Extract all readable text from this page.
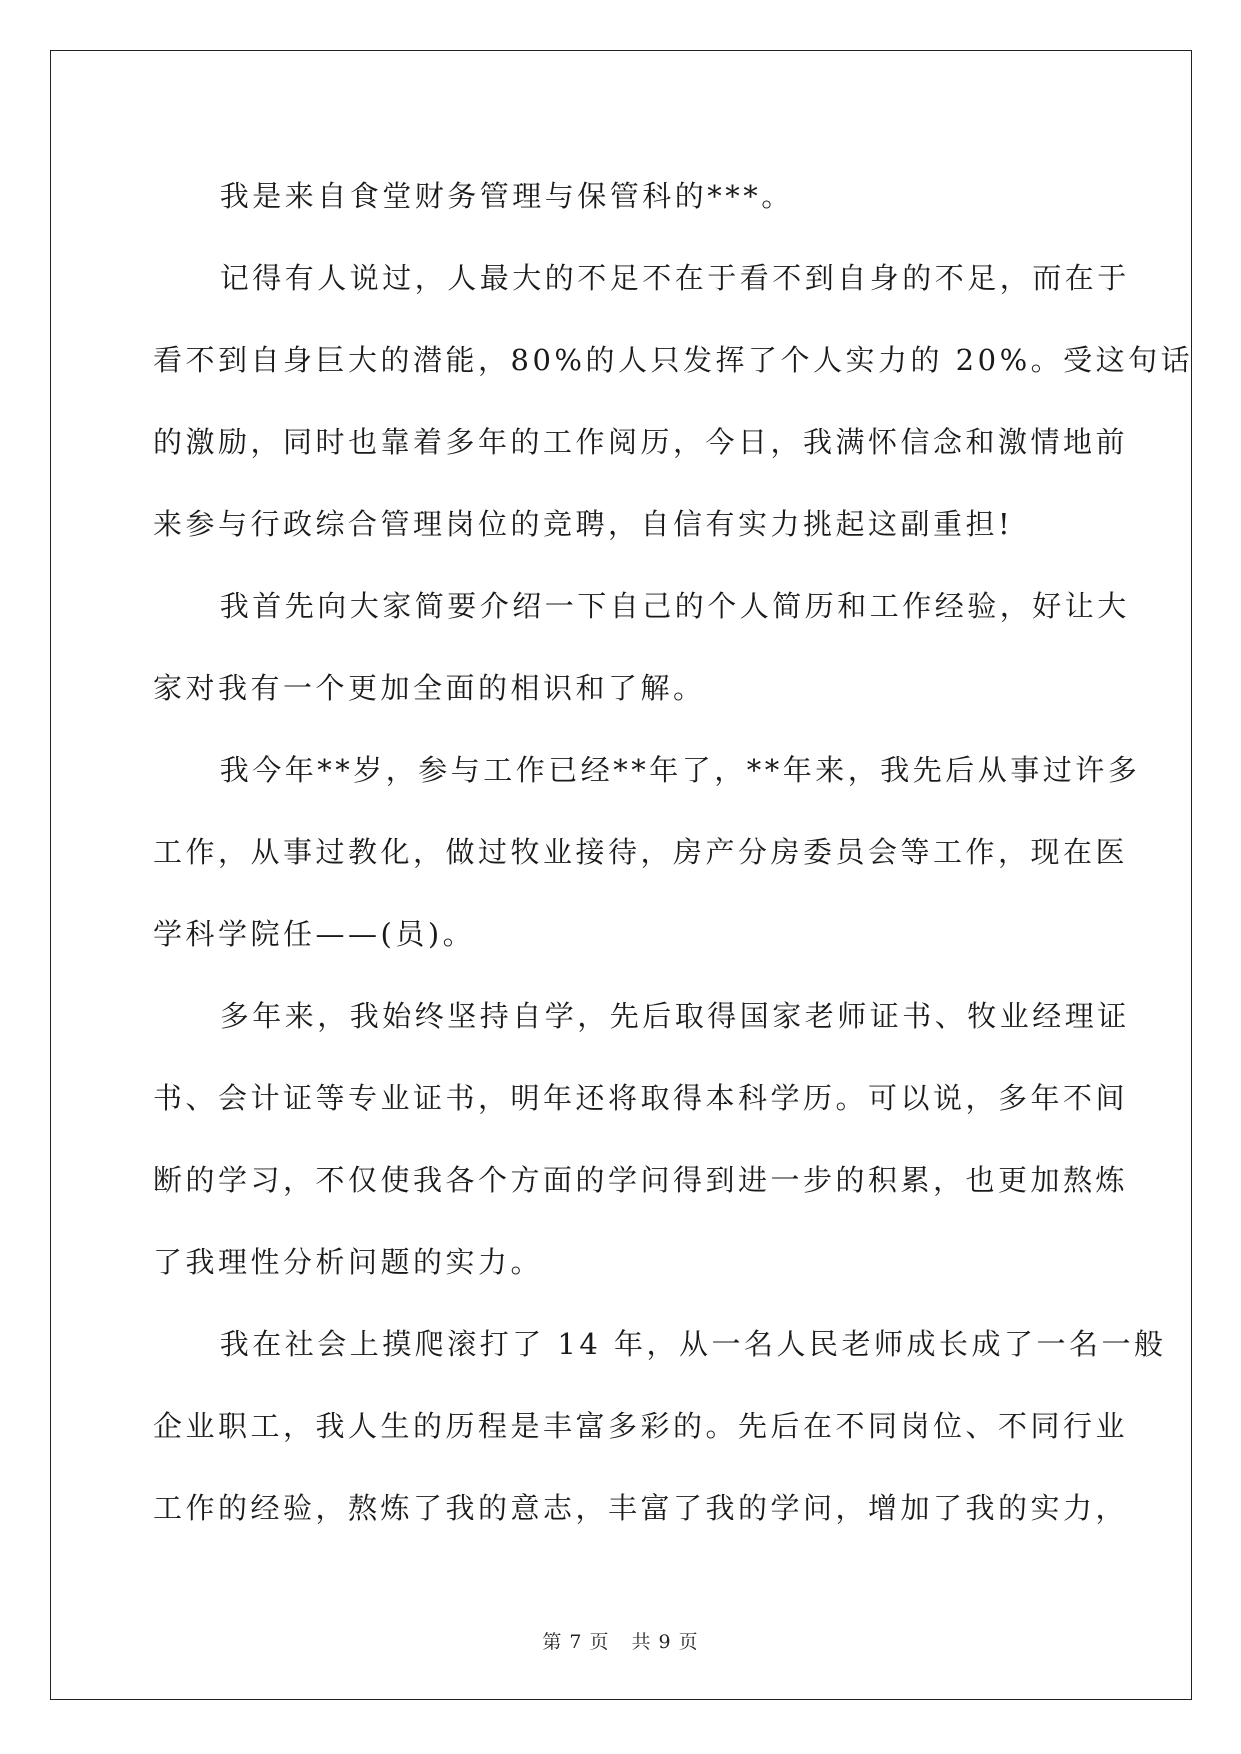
我是来自食堂财务管理与保管科的***。

记得有人说过，人最大的不足不在于看不到自身的不足，而在于
看不到自身巨大的潜能，80%的人只发挥了个人实力的 20%。受这句话
的激励，同时也靠着多年的工作阅历，今日，我满怀信念和激情地前
来参与行政综合管理岗位的竞聘，自信有实力挑起这副重担!

我首先向大家简要介绍一下自己的个人简历和工作经验，好让大
家对我有一个更加全面的相识和了解。

我今年**岁，参与工作已经**年了，**年来，我先后从事过许多
工作，从事过教化，做过牧业接待，房产分房委员会等工作，现在医
学科学院任——(员)。

多年来，我始终坚持自学，先后取得国家老师证书、牧业经理证
书、会计证等专业证书，明年还将取得本科学历。可以说，多年不间
断的学习，不仅使我各个方面的学问得到进一步的积累，也更加熬炼
了我理性分析问题的实力。

我在社会上摸爬滚打了 14 年，从一名人民老师成长成了一名一般
企业职工，我人生的历程是丰富多彩的。先后在不同岗位、不同行业
工作的经验，熬炼了我的意志，丰富了我的学问，增加了我的实力，

第 7 页 共 9 页
